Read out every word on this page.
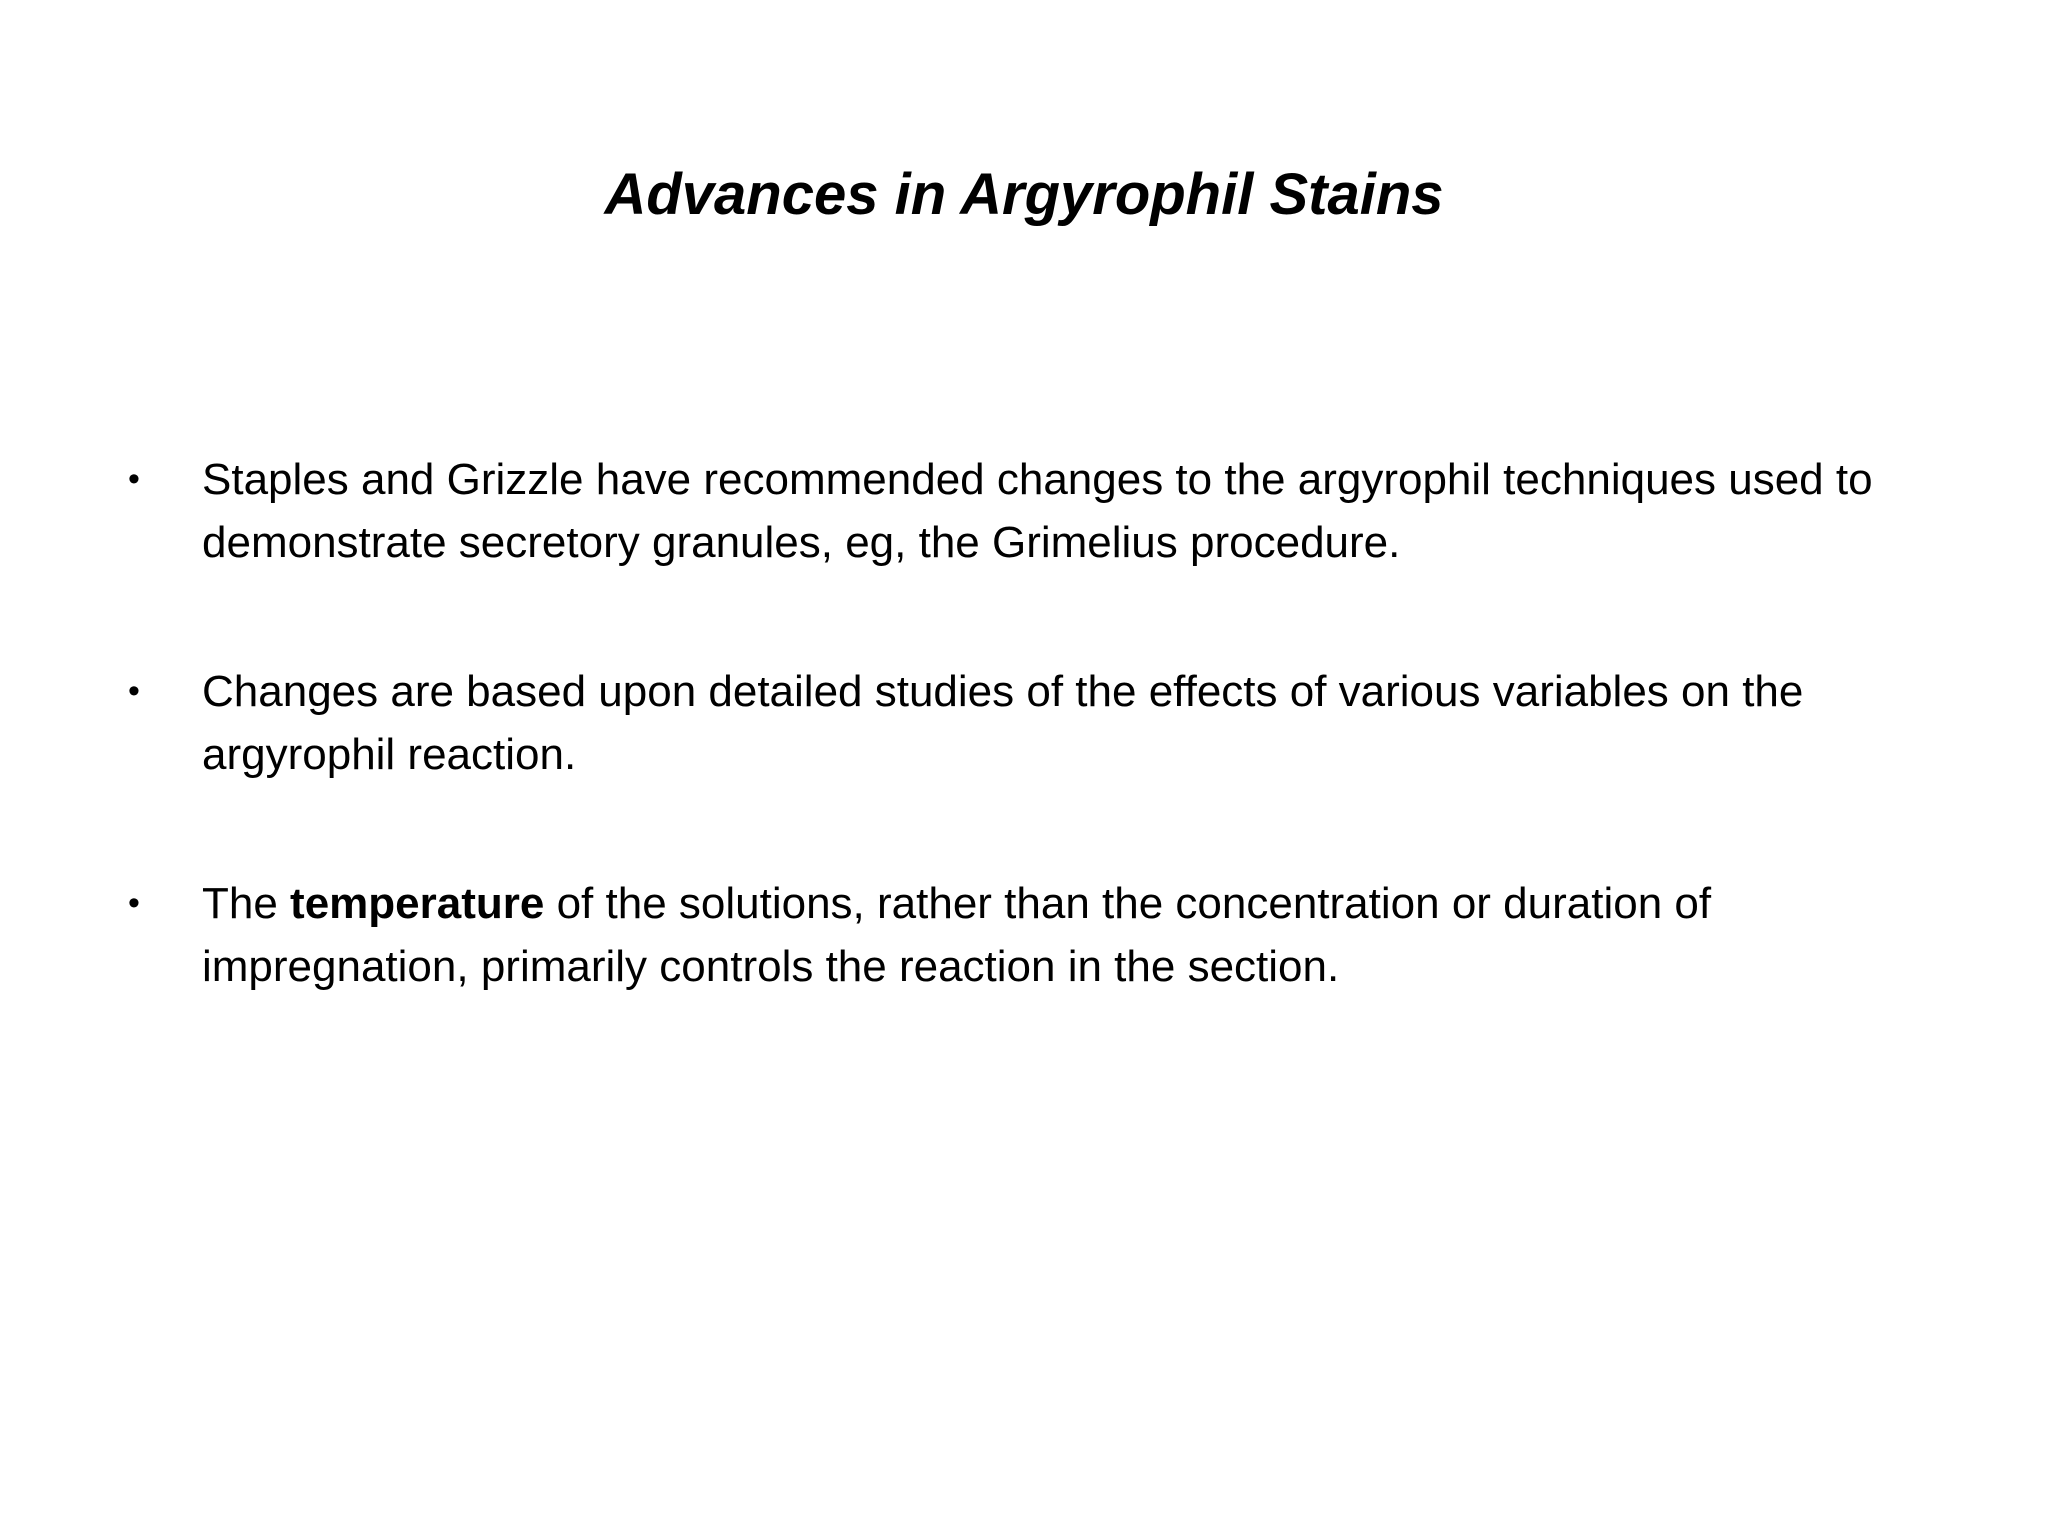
Advances in Argyrophil Stains
• Staples and Grizzle have recommended changes to the argyrophil techniques used to demonstrate secretory granules, eg, the Grimelius procedure.
• Changes are based upon detailed studies of the effects of various variables on the argyrophil reaction.
• The temperature of the solutions, rather than the concentration or duration of impregnation, primarily controls the reaction in the section.
